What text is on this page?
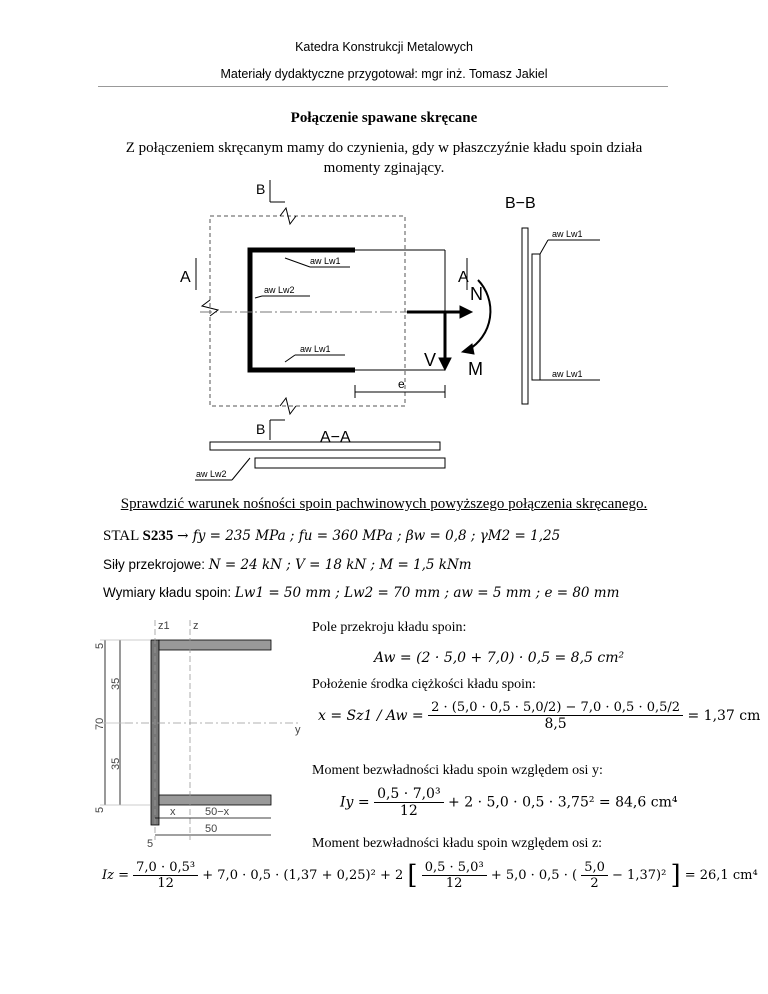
Katedra Konstrukcji Metalowych
Materiały dydaktyczne przygotował: mgr inż. Tomasz Jakiel
Połączenie spawane skręcane
Z połączeniem skręcanym mamy do czynienia, gdy w płaszczyźnie kładu spoin działa
momenty zginający.
B−B
A−A
B
B
A	A
N
V M
e
aw Lw1
aw Lw2
aw Lw1
aw Lw1
aw Lw1
aw Lw2
Sprawdzić warunek nośności spoin pachwinowych powyższego połączenia skręcanego.
STAL S235 → fy = 235 MPa ; fu = 360 MPa ; βw = 0,8 ; γM2 = 1,25
Siły przekrojowe: N = 24 kN ; V = 18 kN ; M = 1,5 kNm
Wymiary kładu spoin: Lw1 = 50 mm ; Lw2 = 70 mm ; aw = 5 mm ; e = 80 mm
z1 z
y
5
35
70
35
5	x	50−x
5
50
Pole przekroju kładu spoin:
Aw = (2 · 5,0 + 7,0) · 0,5 = 8,5 cm²
Położenie środka ciężkości kładu spoin:
$x = Sz1 / Aw = \frac{2 \cdot (5,0 \cdot 0,5 \cdot 5,0/2) - 7,0 \cdot 0,5 \cdot 0,5/2}{8,5} = 1,37$ cm
Moment bezwładności kładu spoin względem osi y:
$Iy = \frac{\text{0,5 · 7,0³}}{12} + 2 \cdot 5,0 \cdot 0,5 \cdot 3,75^2 = 84,6$ cm⁴
Moment bezwładności kładu spoin względem osi z:
$Iz = \frac{\text{7,0 · 0,5³}}{12} + 7,0 \cdot 0,5 \cdot (1,37 + 0,25)^2 + 2$ [ $\frac{\text{0,5 · 5,0³}}{12} + 5,0 \cdot 0,5$ · ( $\frac{5,0}{2} - 1,37)^2$ ] = 26,1 cm⁴
